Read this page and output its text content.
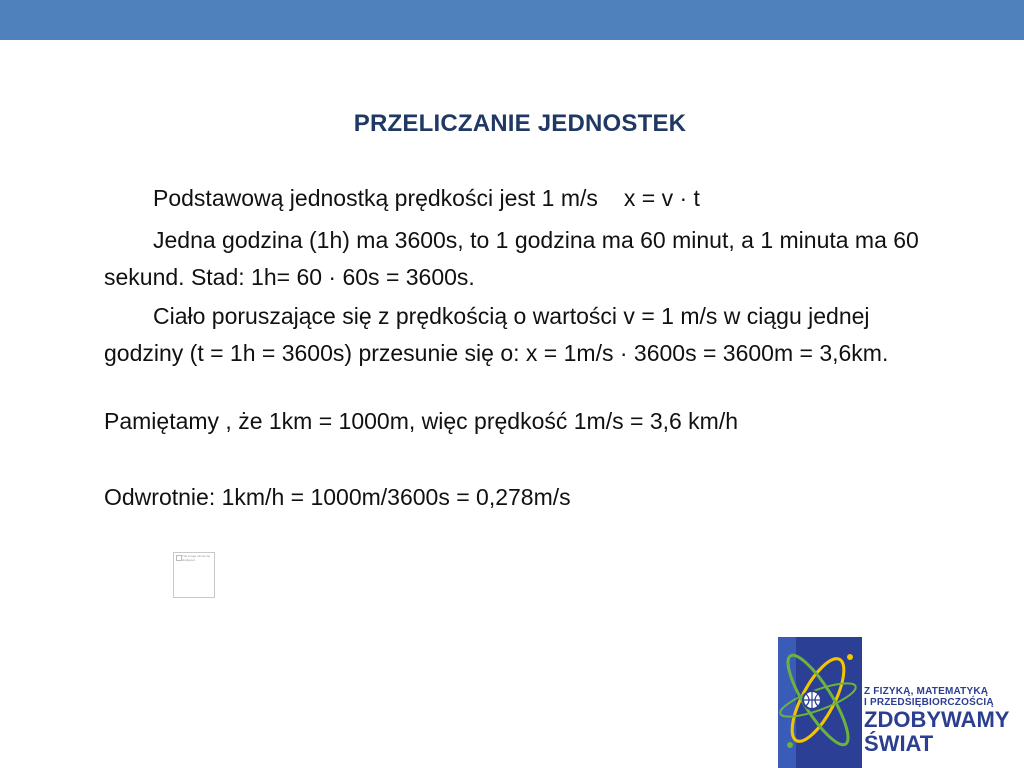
PRZELICZANIE JEDNOSTEK

Podstawową jednostką prędkości jest 1 m/s x = v · t

Jedna godzina (1h) ma 3600s, to 1 godzina ma 60 minut, a 1 minuta ma 60 sekund. Stad: 1h= 60 · 60s = 3600s.

Ciało poruszające się z prędkością o wartości v = 1 m/s w ciągu jednej godziny (t = 1h = 3600s) przesunie się o: x = 1m/s · 3600s = 3600m = 3,6km.

Pamiętamy , że 1km = 1000m, więc prędkość 1m/s = 3,6 km/h

Odwrotnie: 1km/h = 1000m/3600s = 0,278m/s

The image cannot be displayed.
Z FIZYKĄ, MATEMATYKĄ
I PRZEDSIĘBIORCZOŚCIĄ
ZDOBYWAMY
ŚWIAT
